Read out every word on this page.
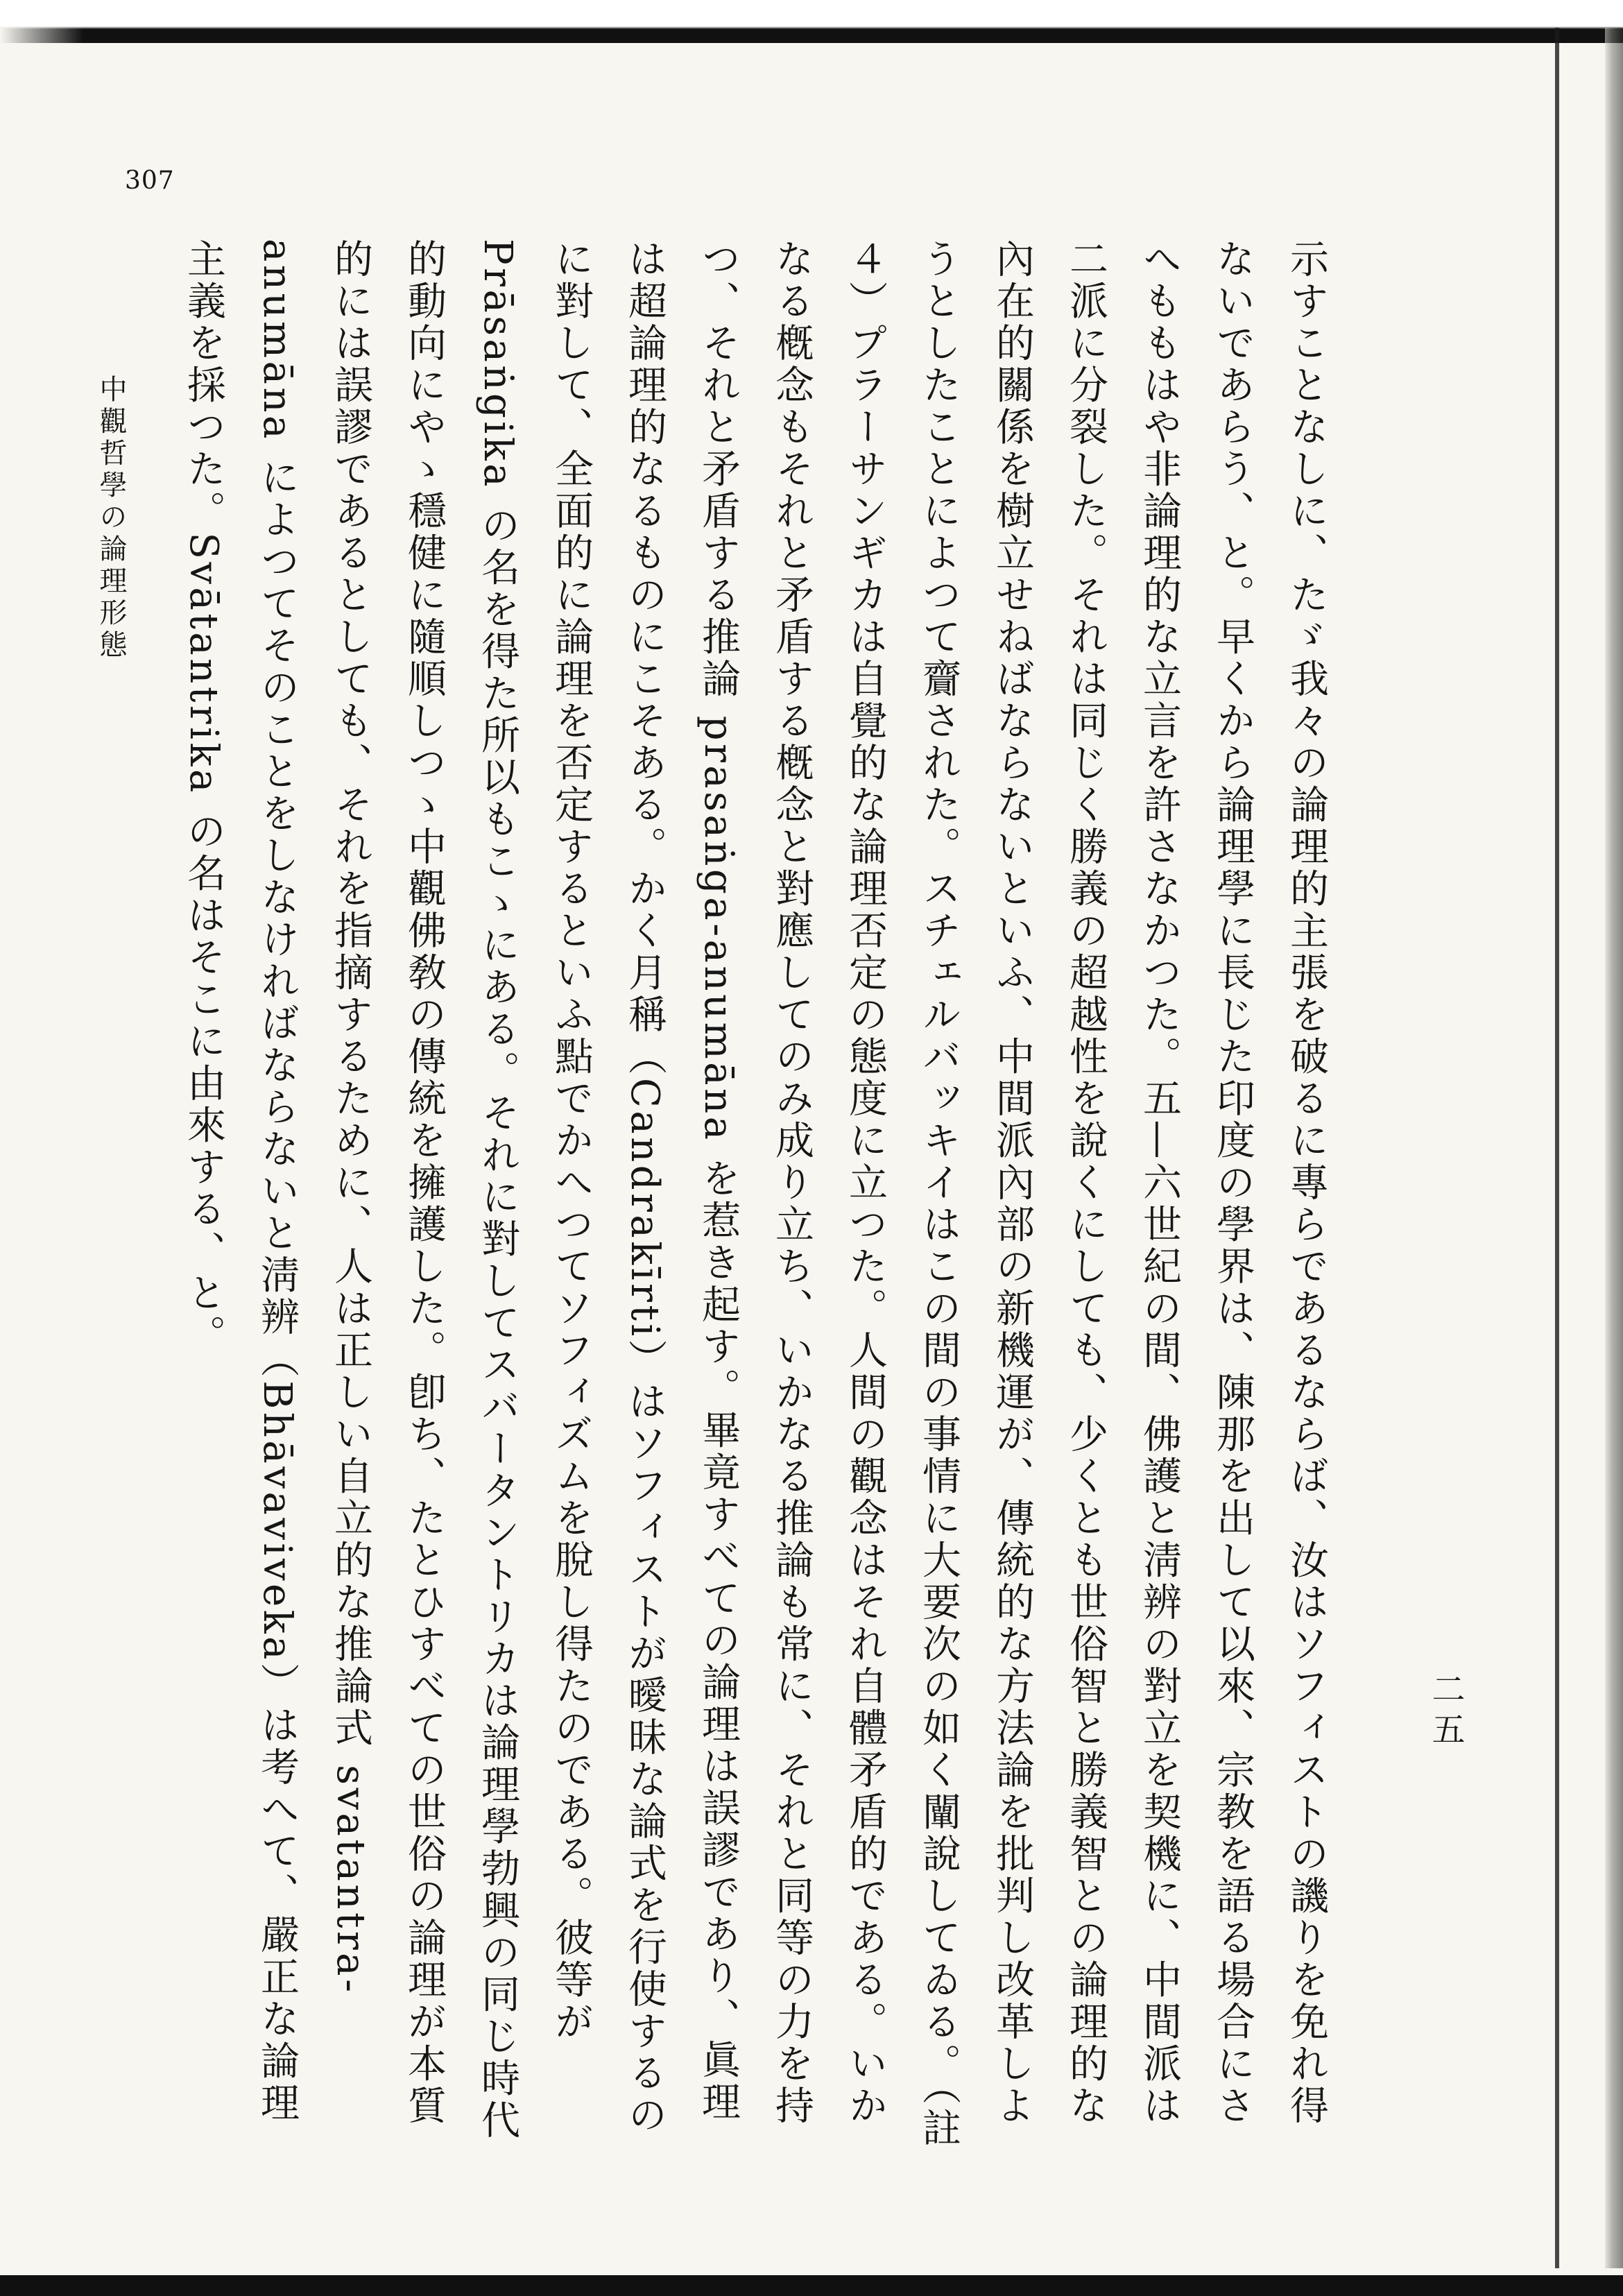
307

示すことなしに、たゞ我々の論理的主張を破るに專らであるならば、汝はソフィストの譏りを免れ得ないであらう、と。早くから論理學に長じた印度の學界は、陳那を出して以來、宗教を語る場合にさへももはや非論理的な立言を許さなかつた。五—六世紀の間、佛護と淸辨の對立を契機に、中間派は二派に分裂した。それは同じく勝義の超越性を說くにしても、少くとも世俗智と勝義智との論理的な內在的關係を樹立せねばならないといふ、中間派內部の新機運が、傳統的な方法論を批判し改革しようとしたことによつて齎された。スチェルバッキイはこの間の事情に大要次の如く闡說してゐる。（註４）プラーサンギカは自覺的な論理否定の態度に立つた。人間の觀念はそれ自體矛盾的である。いかなる槪念もそれと矛盾する槪念と對應してのみ成り立ち、いかなる推論も常に、それと同等の力を持つ、それと矛盾する推論 prasaṅga-anumāna を惹き起す。畢竟すべての論理は誤謬であり、眞理は超論理的なるものにこそある。かく月稱（Candrakīrti）はソフィストが曖昧な論式を行使するのに對して、全面的に論理を否定するといふ點でかへつてソフィズムを脫し得たのである。彼等が Prāsaṅgika の名を得た所以もこゝにある。それに對してスバータントリカは論理學勃興の同じ時代的動向にやゝ穩健に隨順しつゝ中觀佛敎の傳統を擁護した。卽ち、たとひすべての世俗の論理が本質的には誤謬であるとしても、それを指摘するために、人は正しい自立的な推論式 svatantra-anumāna によつてそのことをしなければならないと淸辨（Bhāvaviveka）は考へて、嚴正な論理主義を採つた。Svātantrika の名はそこに由來する、と。

中觀哲學の論理形態
二五
